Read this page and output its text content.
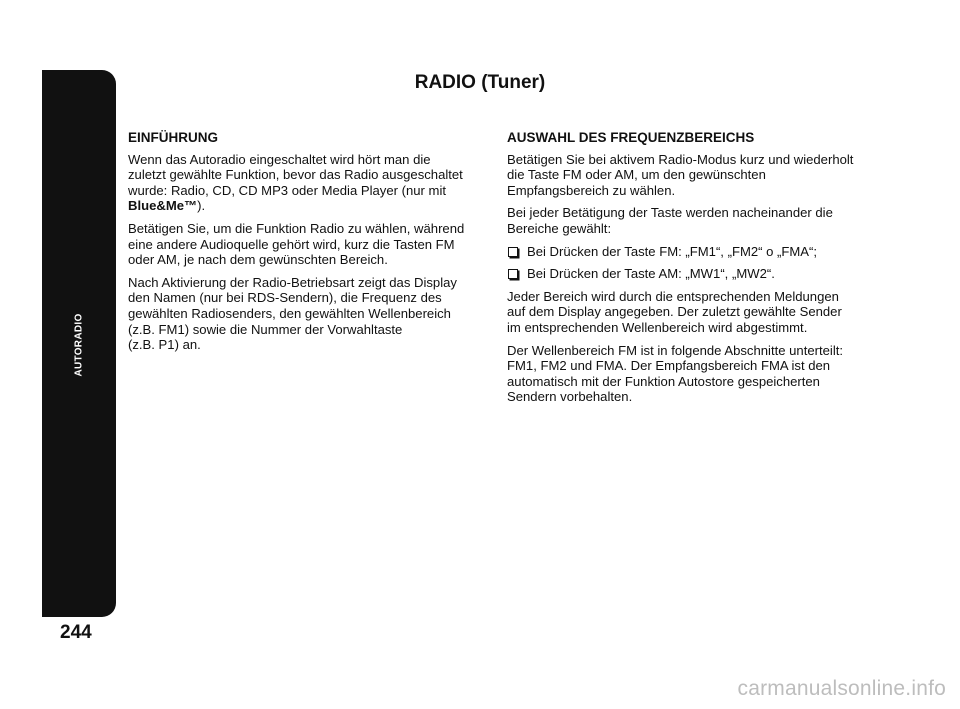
AUTORADIO
244
RADIO (Tuner)
EINFÜHRUNG

Wenn das Autoradio eingeschaltet wird hört man die zuletzt gewählte Funktion, bevor das Radio ausgeschaltet wurde: Radio, CD, CD MP3 oder Media Player (nur mit Blue&Me™).

Betätigen Sie, um die Funktion Radio zu wählen, während eine andere Audioquelle gehört wird, kurz die Tasten FM oder AM, je nach dem gewünschten Bereich.

Nach Aktivierung der Radio-Betriebsart zeigt das Display den Namen (nur bei RDS-Sendern), die Frequenz des gewählten Radiosenders, den gewählten Wellenbereich (z.B. FM1) sowie die Nummer der Vorwahltaste
(z.B. P1) an.

AUSWAHL DES FREQUENZBEREICHS

Betätigen Sie bei aktivem Radio-Modus kurz und wiederholt die Taste FM oder AM, um den gewünschten Empfangsbereich zu wählen.

Bei jeder Betätigung der Taste werden nacheinander die Bereiche gewählt:

Bei Drücken der Taste FM: „FM1“, „FM2“ o „FMA“;
Bei Drücken der Taste AM: „MW1“, „MW2“.

Jeder Bereich wird durch die entsprechenden Meldungen auf dem Display angegeben. Der zuletzt gewählte Sender im entsprechenden Wellenbereich wird abgestimmt.

Der Wellenbereich FM ist in folgende Abschnitte unterteilt: FM1, FM2 und FMA. Der Empfangsbereich FMA ist den automatisch mit der Funktion Autostore gespeicherten Sendern vorbehalten.

carmanualsonline.info
